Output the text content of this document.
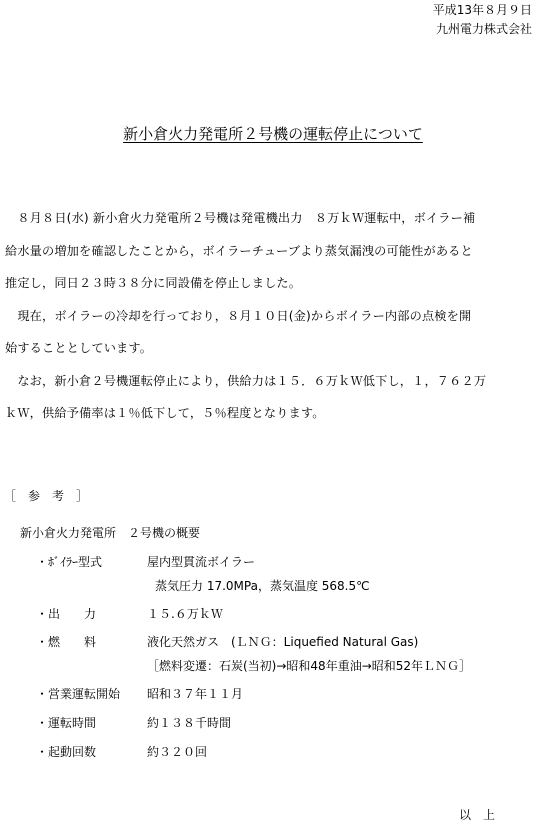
平成13年８月９日
九州電力株式会社
新小倉火力発電所２号機の運転停止について
　８月８日(水) 新小倉火力発電所２号機は発電機出力　８万ｋＷ運転中，ボイラー補
給水量の増加を確認したことから，ボイラーチューブより蒸気漏洩の可能性があると
推定し，同日２３時３８分に同設備を停止しました。
　現在，ボイラーの冷却を行っており，８月１０日(金)からボイラー内部の点検を開
始することとしています。
　なお，新小倉２号機運転停止により，供給力は１５．６万ｋＷ低下し，１，７６２万
ｋＷ，供給予備率は１％低下して，５％程度となります。
［　参　考　］
新小倉火力発電所　２号機の概要
・ﾎﾞｲﾗｰ型式	屋内型貫流ボイラー
蒸気圧力 17.0MPa，蒸気温度 568.5℃
・出　　力	１５.６万ｋＷ
・燃　　料	液化天然ガス　(ＬＮＧ：Liquefied Natural Gas)
［燃料変遷：石炭(当初)→昭和48年重油→昭和52年ＬＮＧ］
・営業運転開始 昭和３７年１１月
・運転時間	約１３８千時間
・起動回数	約３２０回
以　上
